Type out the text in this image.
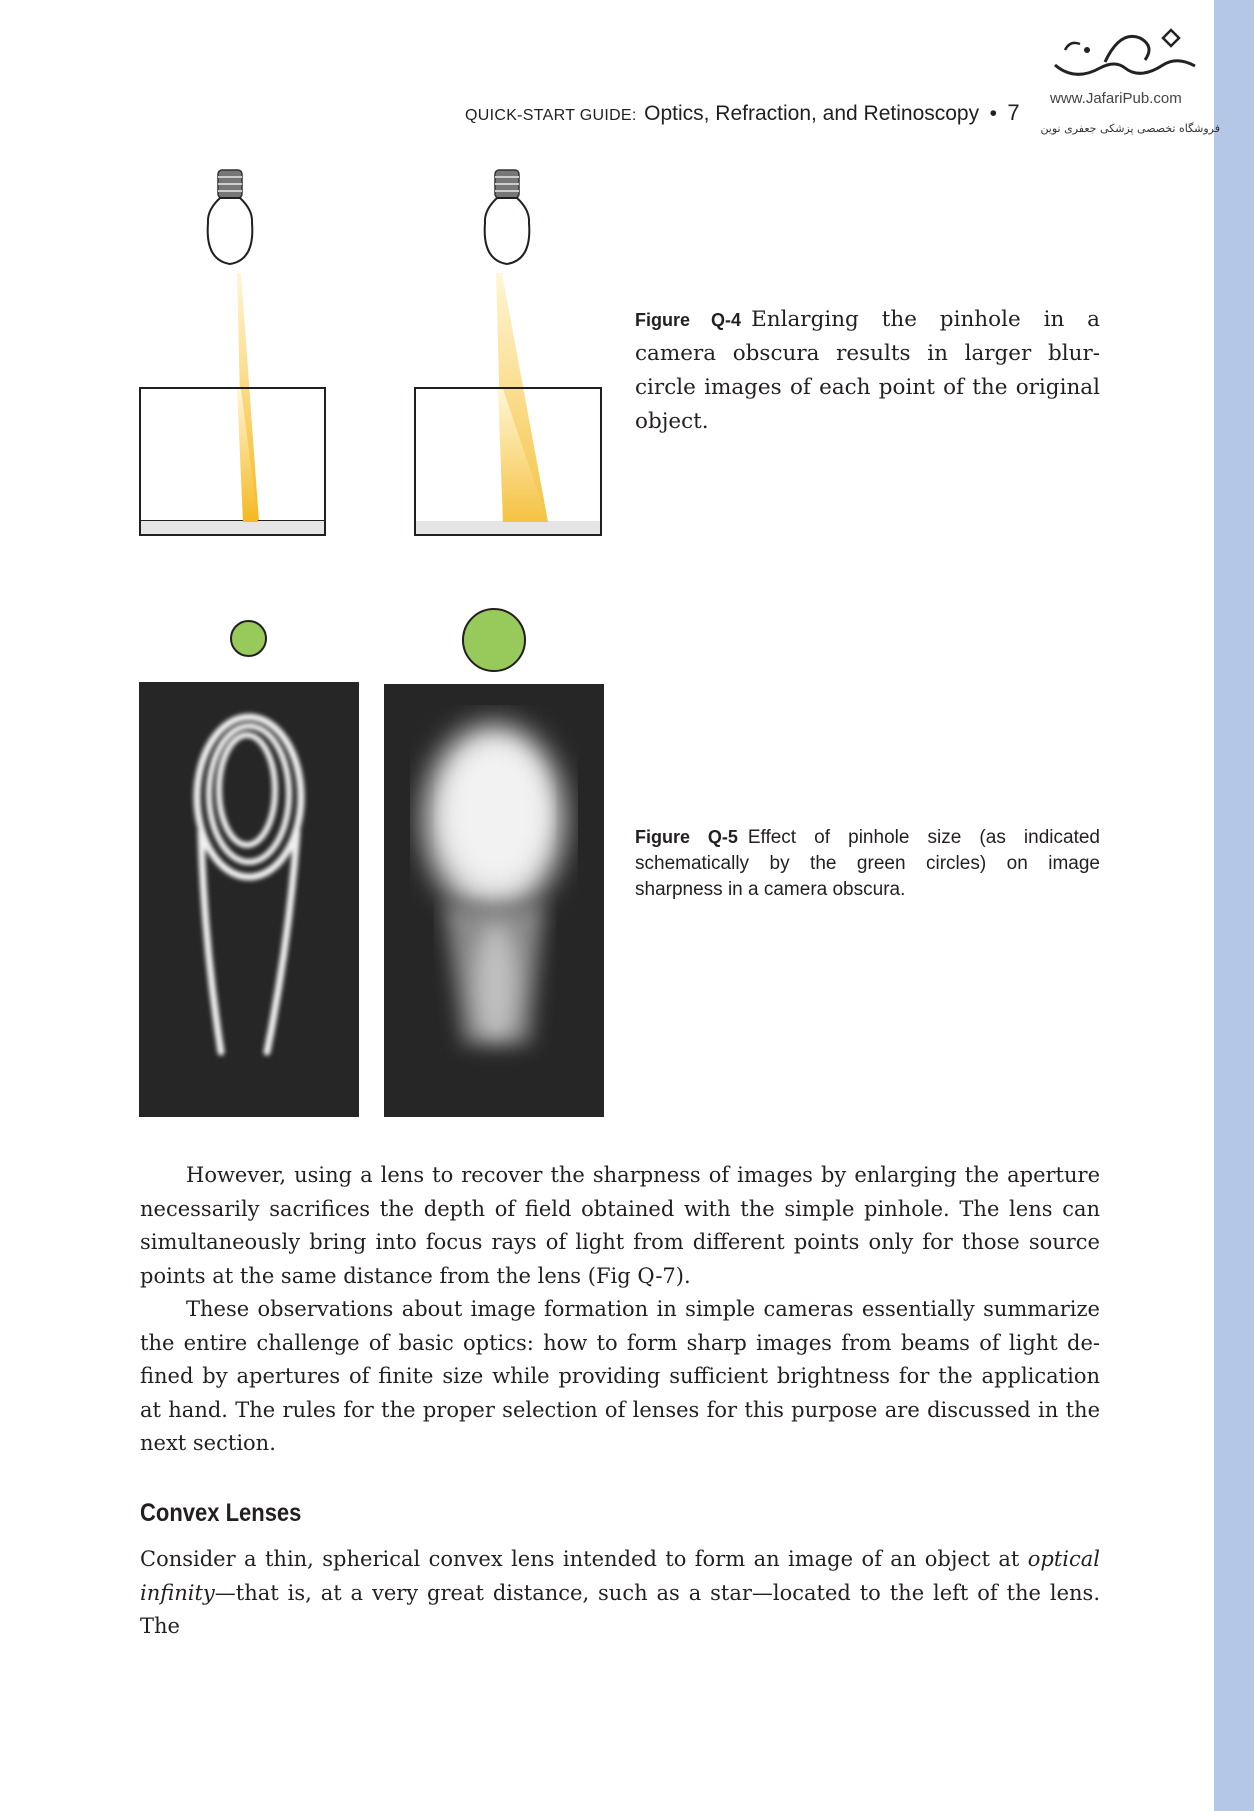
www.JafariPub.com
فروشگاه تخصصی پزشکی جعفری نوین
QUICK-START GUIDE: Optics, Refraction, and Retinoscopy • 7
Figure Q-4 Enlarging the pinhole in a camera obscura results in larger blur-circle images of each point of the original object.
Figure Q-5 Effect of pinhole size (as indicated schematically by the green circles) on image sharpness in a camera obscura.

However, using a lens to recover the sharpness of images by enlarging the aperture necessarily sacrifices the depth of field obtained with the simple pinhole. The lens can simultaneously bring into focus rays of light from different points only for those source points at the same distance from the lens (Fig Q-7).

These observations about image formation in simple cameras essentially summarize the entire challenge of basic optics: how to form sharp images from beams of light defined by apertures of finite size while providing sufficient brightness for the application at hand. The rules for the proper selection of lenses for this purpose are discussed in the next section.

Convex Lenses

Consider a thin, spherical convex lens intended to form an image of an object at optical infinity—that is, at a very great distance, such as a star—located to the left of the lens. The
